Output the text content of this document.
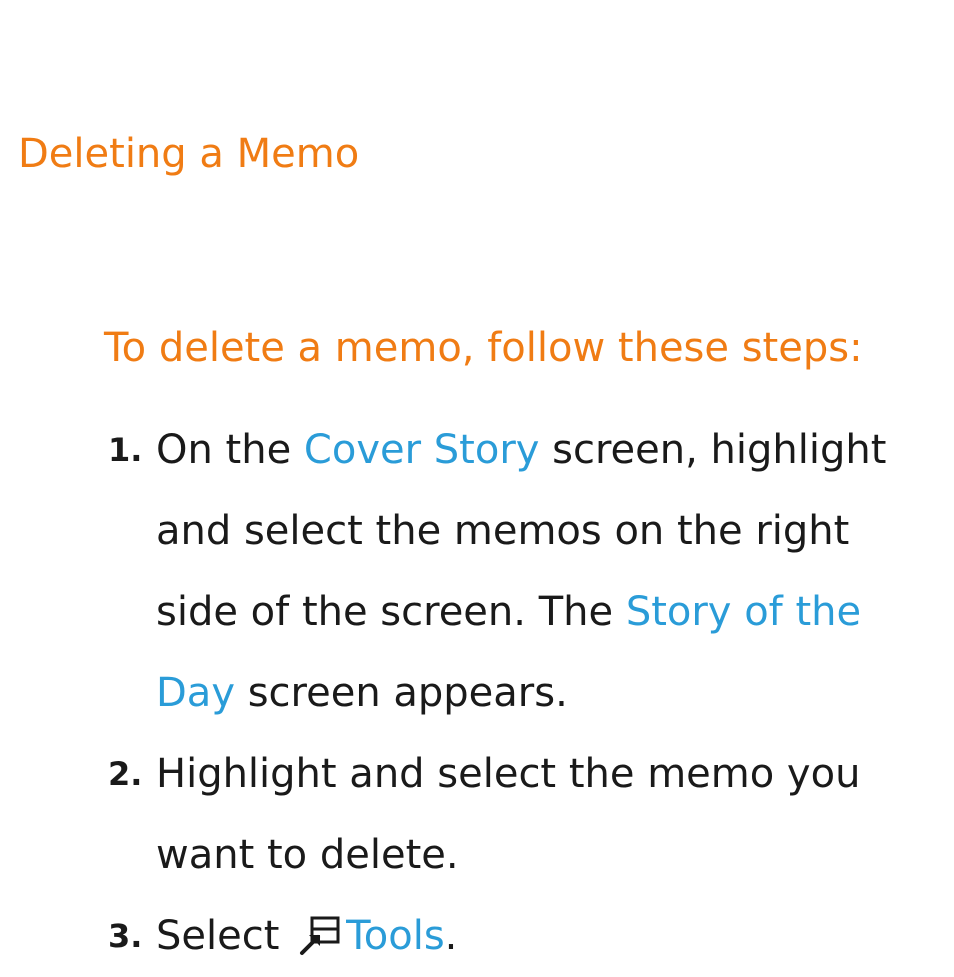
Deleting a Memo

To delete a memo, follow these steps:

1. On the Cover Story screen, highlight and select the memos on the right side of the screen. The Story of the Day screen appears.
2. Highlight and select the memo you want to delete.
3. Select Tools.
